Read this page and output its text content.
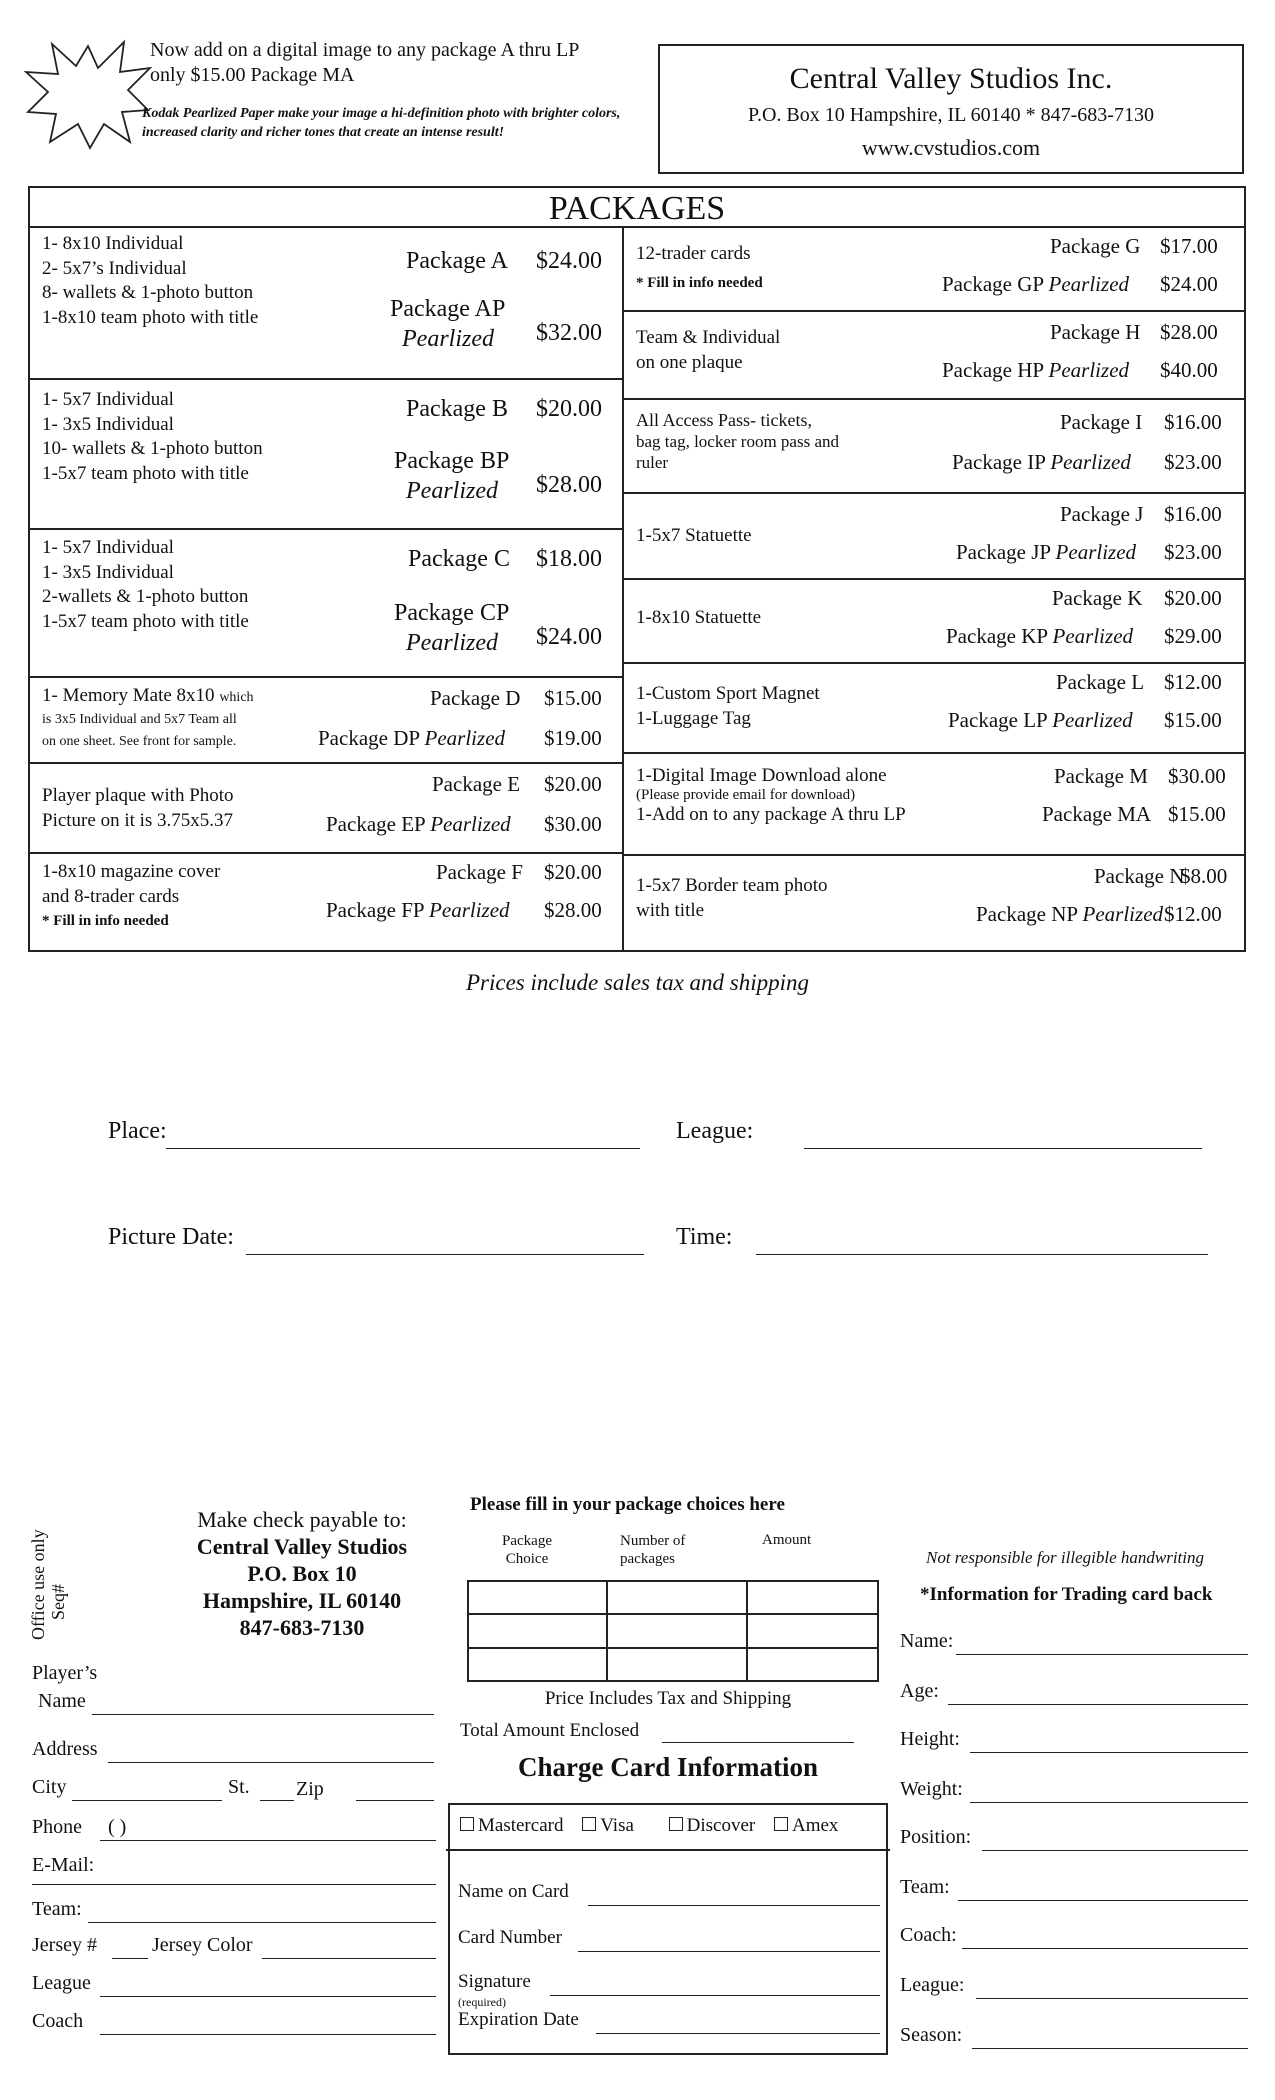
Now add on a digital image to any package A thru LP
only $15.00 Package MA
Kodak Pearlized Paper make your image a hi-definition photo with brighter colors, increased clarity and richer tones that create an intense result!
Central Valley Studios Inc.
P.O. Box 10 Hampshire, IL 60140 * 847-683-7130
www.cvstudios.com
PACKAGES
1- 8x10 Individual
2- 5x7’s Individual
8- wallets & 1-photo button
1-8x10 team photo with title
Package A $24.00
Package AP
Pearlized $32.00
1- 5x7 Individual
1- 3x5 Individual
10- wallets & 1-photo button
1-5x7 team photo with title
Package B $20.00
Package BP
Pearlized $28.00
1- 5x7 Individual
1- 3x5 Individual
2-wallets & 1-photo button
1-5x7 team photo with title
Package C $18.00
Package CP
Pearlized $24.00
1- Memory Mate 8x10 which
is 3x5 Individual and 5x7 Team all
on one sheet. See front for sample.
Package D $15.00
Package DP Pearlized $19.00
Player plaque with Photo
Picture on it is 3.75x5.37
Package E $20.00
Package EP Pearlized $30.00
1-8x10 magazine cover
and 8-trader cards
* Fill in info needed
Package F $20.00
Package FP Pearlized $28.00
12-trader cards
* Fill in info needed
Package G $17.00
Package GP Pearlized $24.00
Team & Individual
on one plaque
Package H $28.00
Package HP Pearlized $40.00
All Access Pass- tickets,
bag tag, locker room pass and
ruler
Package I $16.00
Package IP Pearlized $23.00
1-5x7 Statuette
Package J $16.00
Package JP Pearlized $23.00
1-8x10 Statuette
Package K $20.00
Package KP Pearlized $29.00
1-Custom Sport Magnet
1-Luggage Tag
Package L $12.00
Package LP Pearlized $15.00
1-Digital Image Download alone
(Please provide email for download)
1-Add on to any package A thru LP
Package M $30.00
Package MA $15.00
1-5x7 Border team photo
with title
Package N
$8.00
Package NP Pearlized $12.00
Prices include sales tax and shipping
Place:	League:
Picture Date:	Time:
Office use only Seq#
Make check payable to:
Central Valley Studios
P.O. Box 10
Hampshire, IL 60140
847-683-7130
Player’s
Name
Address
City	St. Zip
Phone ( )
E-Mail:
Team:
Jersey #	Jersey Color
League
Coach
Please fill in your package choices here
Package
Choice
Number of
packages
Amount

Price Includes Tax and Shipping
Total Amount Enclosed
Charge Card Information
Mastercard Visa	Discover Amex
Name on Card
Card Number
Signature
(required)
Expiration Date
Not responsible for illegible handwriting
*Information for Trading card back
Name:
Age:
Height:
Weight:
Position:
Team:
Coach:
League:
Season:
